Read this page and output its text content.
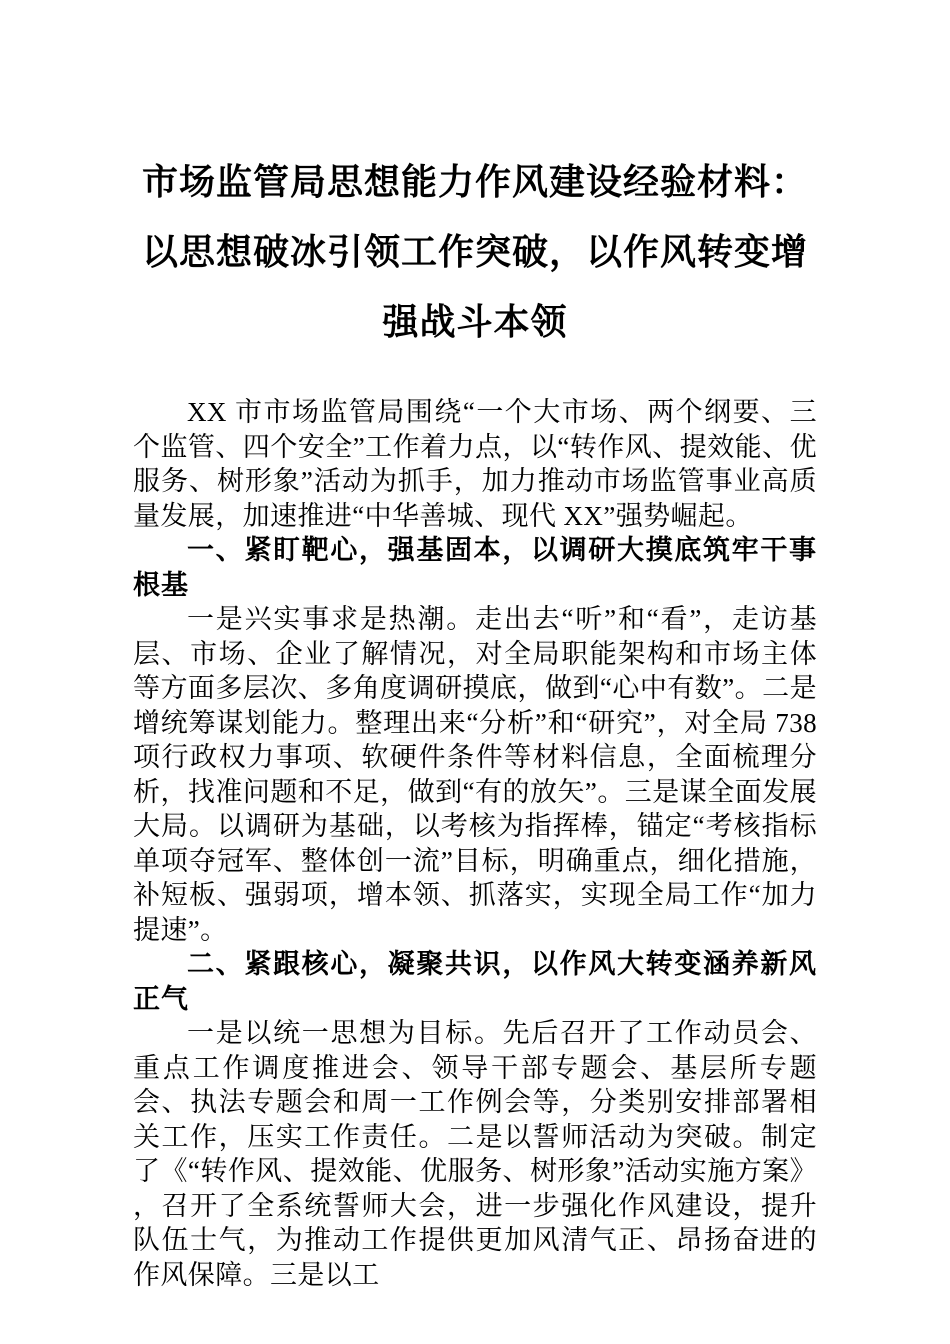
市场监管局思想能力作风建设经验材料：以思想破冰引领工作突破，以作风转变增强战斗本领

XX 市市场监管局围绕“一个大市场、两个纲要、三个监管、四个安全”工作着力点，以“转作风、提效能、优服务、树形象”活动为抓手，加力推动市场监管事业高质量发展，加速推进“中华善城、现代 XX”强势崛起。

一、紧盯靶心，强基固本，以调研大摸底筑牢干事根基

一是兴实事求是热潮。走出去“听”和“看”，走访基层、市场、企业了解情况，对全局职能架构和市场主体等方面多层次、多角度调研摸底，做到“心中有数”。二是增统筹谋划能力。整理出来“分析”和“研究”，对全局 738 项行政权力事项、软硬件条件等材料信息，全面梳理分析，找准问题和不足，做到“有的放矢”。三是谋全面发展大局。以调研为基础，以考核为指挥棒，锚定“考核指标单项夺冠军、整体创一流”目标，明确重点，细化措施，补短板、强弱项，增本领、抓落实，实现全局工作“加力提速”。

二、紧跟核心，凝聚共识，以作风大转变涵养新风正气

一是以统一思想为目标。先后召开了工作动员会、重点工作调度推进会、领导干部专题会、基层所专题会、执法专题会和周一工作例会等，分类别安排部署相关工作，压实工作责任。二是以誓师活动为突破。制定了《“转作风、提效能、优服务、树形象”活动实施方案》 ，召开了全系统誓师大会，进一步强化作风建设，提升队伍士气，为推动工作提供更加风清气正、昂扬奋进的作风保障。三是以工
